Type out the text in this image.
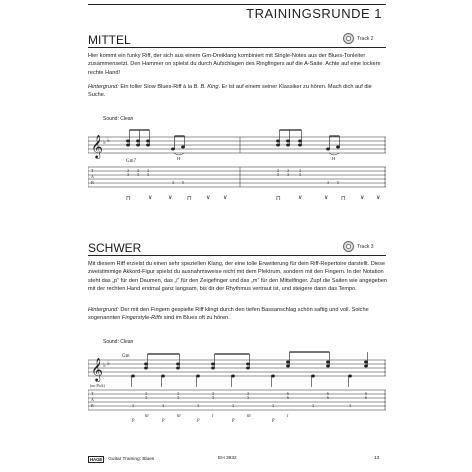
TRAININGSRUNDE 1
MITTEL	Track 2
Hier kommt ein funky Riff, der sich aus einem Gm-Dreiklang kombiniert mit Single-Notes aus der Blues-Tonleiter zusammensetzt. Den Hammer on spielst du durch Aufschlagen des Ringfingers auf die A-Saite. Achte auf eine lockere rechte Hand!
Hintergrund: Ein toller Slow Blues-Riff à la B. B. King. Er ist auf einem seiner Klassiker zu hören. Mach dich auf die Suche.
Sound: Clean
𝄞 ♭ ♭
T
A
B
H	H
Gm7
3
3
3
3
3
3
3 5
3
3
3
3
3
3
3 5
⊓	∨	∨ ⊓ ∨ ∨	⊓	∨	∨ ⊓ ∨ ∨
SCHWER	Track 3
Mit diesem Riff erzielst du einen sehr speziellen Klang, der eine tolle Erweiterung für dein Riff-Repertoire darstellt. Diese zweistimmige Akkord-Figur spielst du ausnahmsweise nicht mit dem Plektrum, sondern mit den Fingern. In der Notation steht das „p“ für den Daumen, das „i“ für den Zeigefinger und das „m“ für den Mittelfinger. Zupf die Saiten wie angegeben mit der rechten Hand erstmal ganz langsam, bis dir der Rhythmus vertraut ist, und steigere dann das Tempo.
Hintergrund: Der mit den Fingern gespielte Riff klingt durch den tiefen Bassanschlag schön saftig und voll. Solche sogenannten Fingerstyle-Riffs sind im Blues oft zu hören.
Sound: Clean
𝄞 ♭ ♭
T
A
B
Gm
(no Pick)
3
3
3
3
3
3
3
3
3
3
3
3
3
6
6
3
6
6
3
6
6
p
m
p
m
p
i
p
m
p
i
HAGE	Guitar Training: Blues	EH 3932	13
